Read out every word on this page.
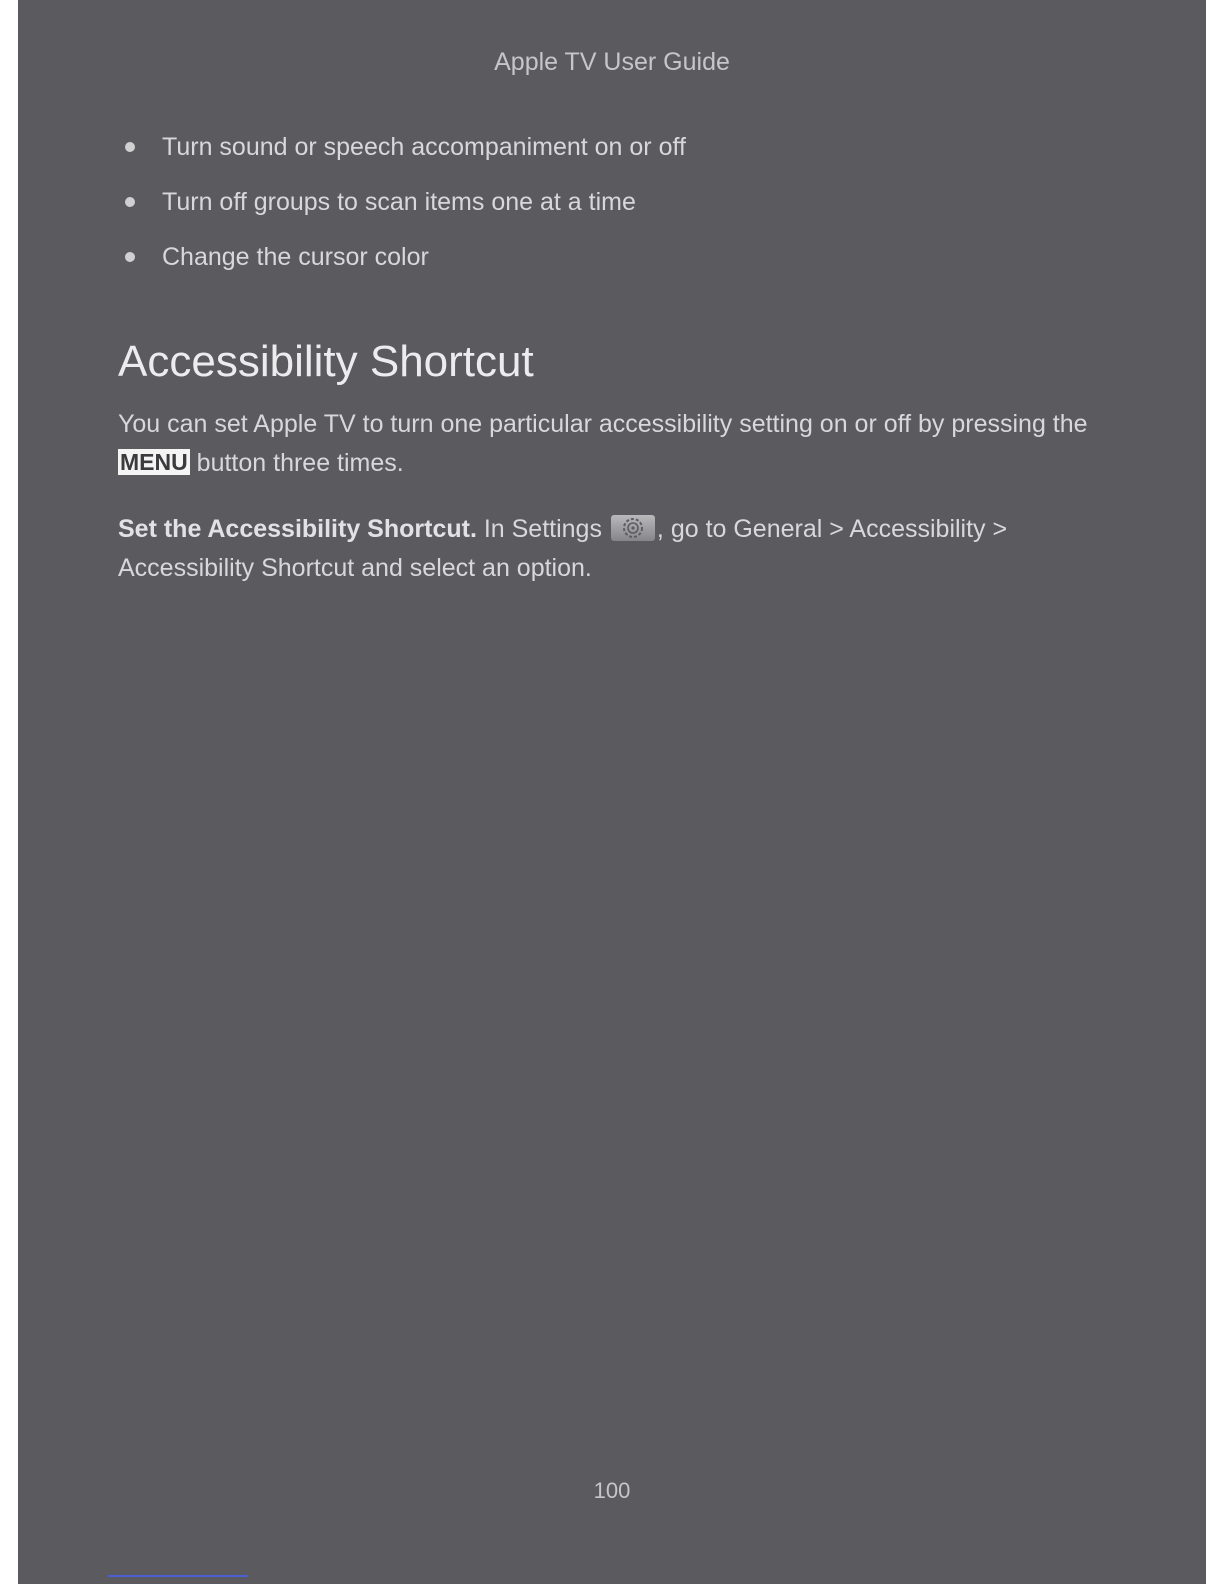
Apple TV User Guide
Turn sound or speech accompaniment on or off
Turn off groups to scan items one at a time
Change the cursor color
Accessibility Shortcut

You can set Apple TV to turn one particular accessibility setting on or off by pressing the MENU button three times.

Set the Accessibility Shortcut. In Settings
, go to General > Accessibility > Accessibility Shortcut and select an option.

100
